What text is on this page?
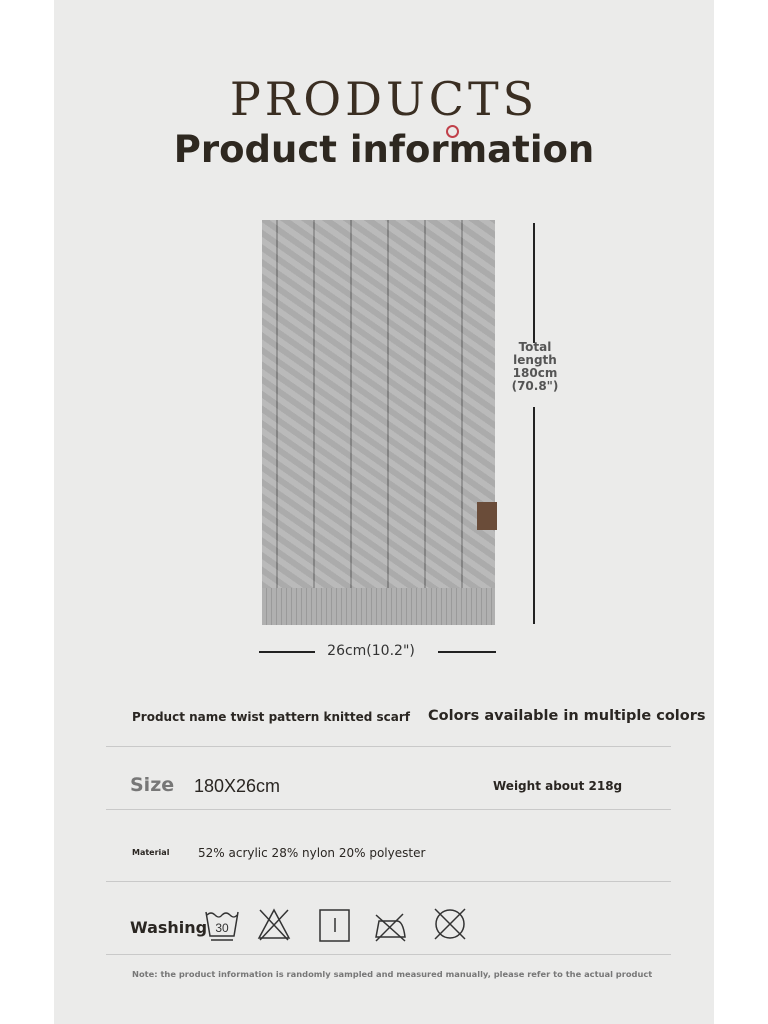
PRODUCTS
Product information
Total
length
180cm
(70.8")
26cm(10.2")
Product name twist pattern knitted scarf Colors available in multiple colors
Size 180X26cm	Weight about 218g
Material 52% acrylic 28% nylon 20% polyester
Washing 30
Note: the product information is randomly sampled and measured manually, please refer to the actual product
